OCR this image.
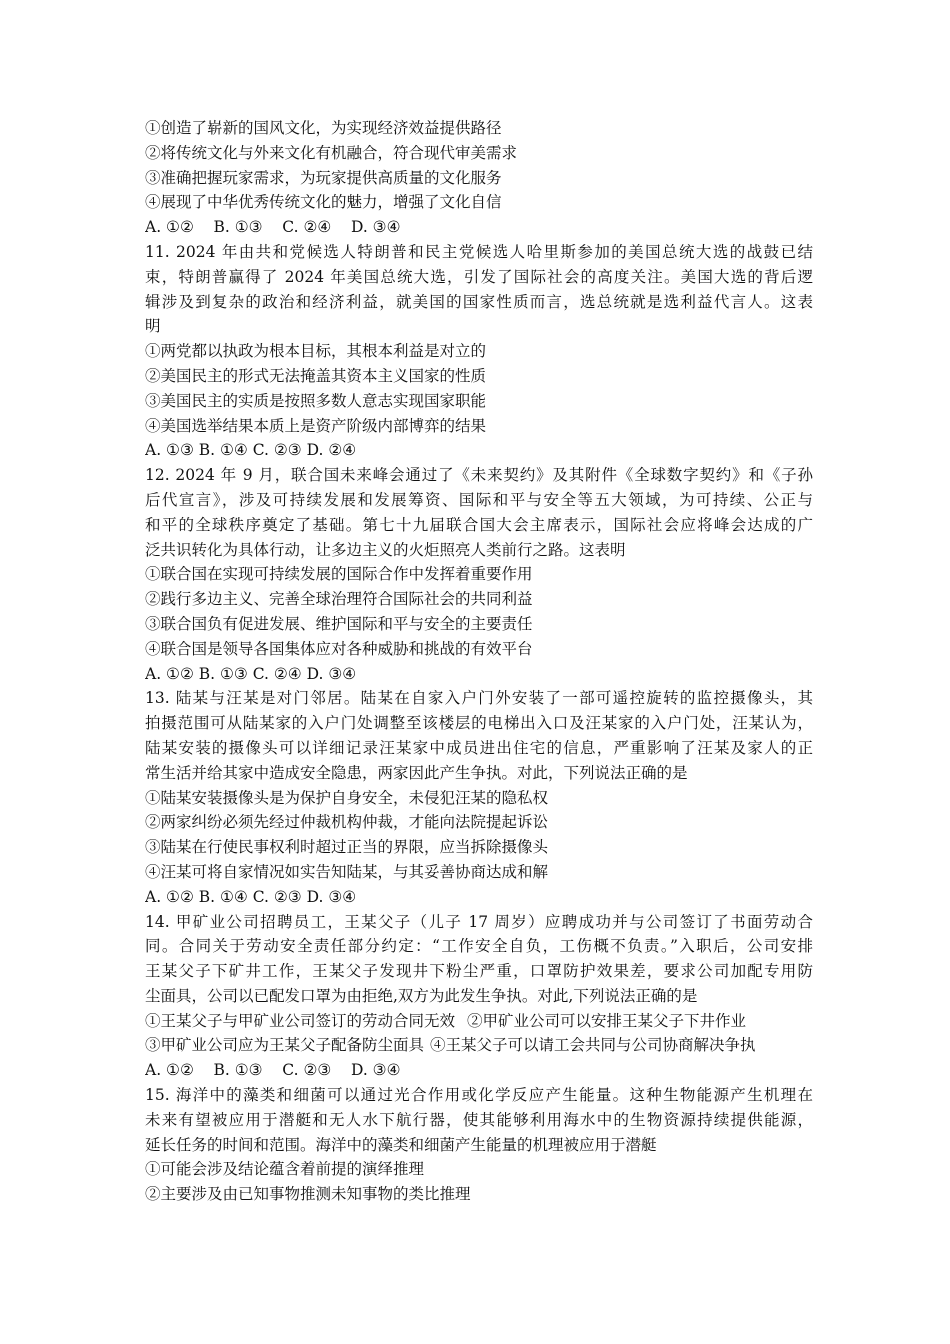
①创造了崭新的国风文化，为实现经济效益提供路径
②将传统文化与外来文化有机融合，符合现代审美需求
③准确把握玩家需求，为玩家提供高质量的文化服务
④展现了中华优秀传统文化的魅力，增强了文化自信
A. ①②    B. ①③    C. ②④    D. ③④
11. 2024 年由共和党候选人特朗普和民主党候选人哈里斯参加的美国总统大选的战鼓已结
束，特朗普赢得了 2024 年美国总统大选，引发了国际社会的高度关注。美国大选的背后逻
辑涉及到复杂的政治和经济利益，就美国的国家性质而言，选总统就是选利益代言人。这表
明
①两党都以执政为根本目标，其根本利益是对立的
②美国民主的形式无法掩盖其资本主义国家的性质
③美国民主的实质是按照多数人意志实现国家职能
④美国选举结果本质上是资产阶级内部博弈的结果
A. ①③ B. ①④ C. ②③ D. ②④
12. 2024 年 9 月，联合国未来峰会通过了《未来契约》及其附件《全球数字契约》和《子孙
后代宣言》，涉及可持续发展和发展筹资、国际和平与安全等五大领域，为可持续、公正与
和平的全球秩序奠定了基础。第七十九届联合国大会主席表示，国际社会应将峰会达成的广
泛共识转化为具体行动，让多边主义的火炬照亮人类前行之路。这表明
①联合国在实现可持续发展的国际合作中发挥着重要作用
②践行多边主义、完善全球治理符合国际社会的共同利益
③联合国负有促进发展、维护国际和平与安全的主要责任
④联合国是领导各国集体应对各种威胁和挑战的有效平台
A. ①② B. ①③ C. ②④ D. ③④
13. 陆某与汪某是对门邻居。陆某在自家入户门外安装了一部可遥控旋转的监控摄像头，其
拍摄范围可从陆某家的入户门处调整至该楼层的电梯出入口及汪某家的入户门处，汪某认为，
陆某安装的摄像头可以详细记录汪某家中成员进出住宅的信息，严重影响了汪某及家人的正
常生活并给其家中造成安全隐患，两家因此产生争执。对此，下列说法正确的是
①陆某安装摄像头是为保护自身安全，未侵犯汪某的隐私权
②两家纠纷必须先经过仲裁机构仲裁，才能向法院提起诉讼
③陆某在行使民事权利时超过正当的界限，应当拆除摄像头
④汪某可将自家情况如实告知陆某，与其妥善协商达成和解
A. ①② B. ①④ C. ②③ D. ③④
14. 甲矿业公司招聘员工，王某父子（儿子 17 周岁）应聘成功并与公司签订了书面劳动合
同。合同关于劳动安全责任部分约定：“工作安全自负，工伤概不负责。”入职后，公司安排
王某父子下矿井工作，王某父子发现井下粉尘严重，口罩防护效果差，要求公司加配专用防
尘面具，公司以已配发口罩为由拒绝,双方为此发生争执。对此,下列说法正确的是
①王某父子与甲矿业公司签订的劳动合同无效 ②甲矿业公司可以安排王某父子下井作业
③甲矿业公司应为王某父子配备防尘面具 ④王某父子可以请工会共同与公司协商解决争执
A. ①②    B. ①③    C. ②③    D. ③④
15. 海洋中的藻类和细菌可以通过光合作用或化学反应产生能量。这种生物能源产生机理在
未来有望被应用于潜艇和无人水下航行器，使其能够利用海水中的生物资源持续提供能源，
延长任务的时间和范围。海洋中的藻类和细菌产生能量的机理被应用于潜艇
①可能会涉及结论蕴含着前提的演绎推理
②主要涉及由已知事物推测未知事物的类比推理
